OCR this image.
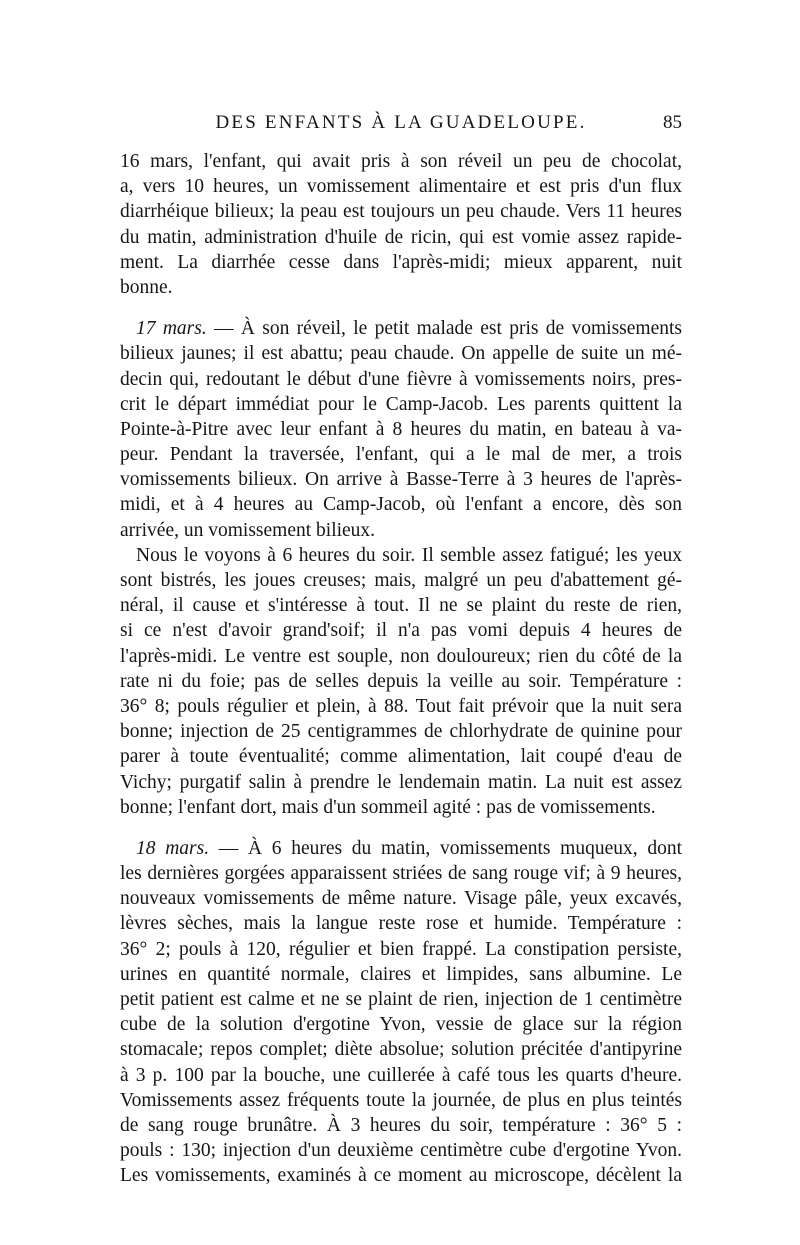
DES ENFANTS À LA GUADELOUPE.	85
16 mars, l'enfant, qui avait pris à son réveil un peu de chocolat,
a, vers 10 heures, un vomissement alimentaire et est pris d'un flux
diarrhéique bilieux; la peau est toujours un peu chaude. Vers 11 heures
du matin, administration d'huile de ricin, qui est vomie assez rapide-
ment. La diarrhée cesse dans l'après-midi; mieux apparent, nuit
bonne.
17 mars. — À son réveil, le petit malade est pris de vomissements
bilieux jaunes; il est abattu; peau chaude. On appelle de suite un mé-
decin qui, redoutant le début d'une fièvre à vomissements noirs, pres-
crit le départ immédiat pour le Camp-Jacob. Les parents quittent la
Pointe-à-Pitre avec leur enfant à 8 heures du matin, en bateau à va-
peur. Pendant la traversée, l'enfant, qui a le mal de mer, a trois
vomissements bilieux. On arrive à Basse-Terre à 3 heures de l'après-
midi, et à 4 heures au Camp-Jacob, où l'enfant a encore, dès son
arrivée, un vomissement bilieux.
Nous le voyons à 6 heures du soir. Il semble assez fatigué; les yeux
sont bistrés, les joues creuses; mais, malgré un peu d'abattement gé-
néral, il cause et s'intéresse à tout. Il ne se plaint du reste de rien,
si ce n'est d'avoir grand'soif; il n'a pas vomi depuis 4 heures de
l'après-midi. Le ventre est souple, non douloureux; rien du côté de la
rate ni du foie; pas de selles depuis la veille au soir. Température :
36° 8; pouls régulier et plein, à 88. Tout fait prévoir que la nuit sera
bonne; injection de 25 centigrammes de chlorhydrate de quinine pour
parer à toute éventualité; comme alimentation, lait coupé d'eau de
Vichy; purgatif salin à prendre le lendemain matin. La nuit est assez
bonne; l'enfant dort, mais d'un sommeil agité : pas de vomissements.
18 mars. — À 6 heures du matin, vomissements muqueux, dont
les dernières gorgées apparaissent striées de sang rouge vif; à 9 heures,
nouveaux vomissements de même nature. Visage pâle, yeux excavés,
lèvres sèches, mais la langue reste rose et humide. Température :
36° 2; pouls à 120, régulier et bien frappé. La constipation persiste,
urines en quantité normale, claires et limpides, sans albumine. Le
petit patient est calme et ne se plaint de rien, injection de 1 centimètre
cube de la solution d'ergotine Yvon, vessie de glace sur la région
stomacale; repos complet; diète absolue; solution précitée d'antipyrine
à 3 p. 100 par la bouche, une cuillerée à café tous les quarts d'heure.
Vomissements assez fréquents toute la journée, de plus en plus teintés
de sang rouge brunâtre. À 3 heures du soir, température : 36° 5 :
pouls : 130; injection d'un deuxième centimètre cube d'ergotine Yvon.
Les vomissements, examinés à ce moment au microscope, décèlent la
